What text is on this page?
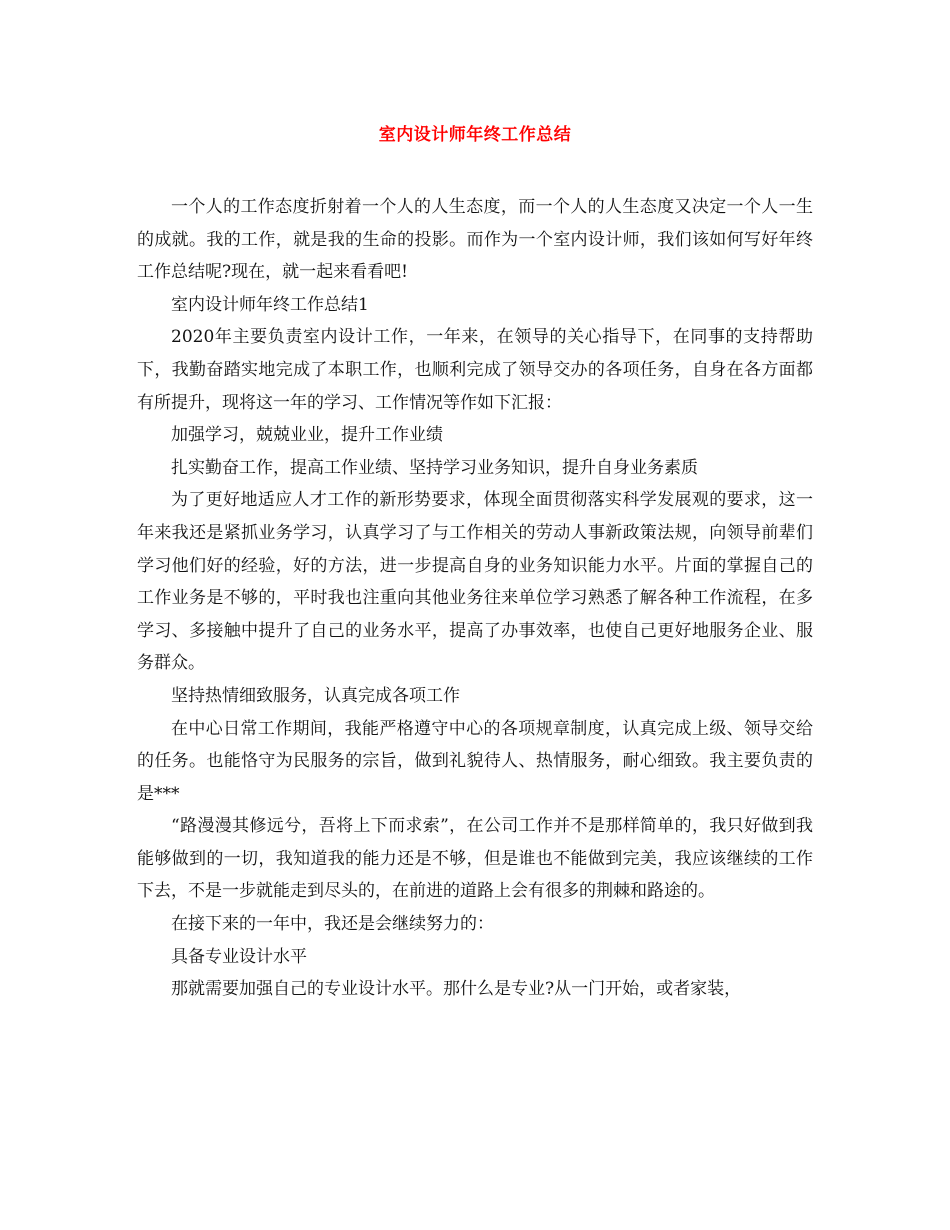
室内设计师年终工作总结

一个人的工作态度折射着一个人的人生态度，而一个人的人生态度又决定一个人一生的成就。我的工作，就是我的生命的投影。而作为一个室内设计师，我们该如何写好年终工作总结呢?现在，就一起来看看吧!

室内设计师年终工作总结1

2020年主要负责室内设计工作，一年来，在领导的关心指导下，在同事的支持帮助下，我勤奋踏实地完成了本职工作，也顺利完成了领导交办的各项任务，自身在各方面都有所提升，现将这一年的学习、工作情况等作如下汇报：

加强学习，兢兢业业，提升工作业绩

扎实勤奋工作，提高工作业绩、坚持学习业务知识，提升自身业务素质

为了更好地适应人才工作的新形势要求，体现全面贯彻落实科学发展观的要求，这一年来我还是紧抓业务学习，认真学习了与工作相关的劳动人事新政策法规，向领导前辈们学习他们好的经验，好的方法，进一步提高自身的业务知识能力水平。片面的掌握自己的工作业务是不够的，平时我也注重向其他业务往来单位学习熟悉了解各种工作流程，在多学习、多接触中提升了自己的业务水平，提高了办事效率，也使自己更好地服务企业、服务群众。

坚持热情细致服务，认真完成各项工作

在中心日常工作期间，我能严格遵守中心的各项规章制度，认真完成上级、领导交给的任务。也能恪守为民服务的宗旨，做到礼貌待人、热情服务，耐心细致。我主要负责的是***

“路漫漫其修远兮，吾将上下而求索”，在公司工作并不是那样简单的，我只好做到我能够做到的一切，我知道我的能力还是不够，但是谁也不能做到完美，我应该继续的工作下去，不是一步就能走到尽头的，在前进的道路上会有很多的荆棘和路途的。

在接下来的一年中，我还是会继续努力的：

具备专业设计水平

那就需要加强自己的专业设计水平。那什么是专业?从一门开始，或者家装，
